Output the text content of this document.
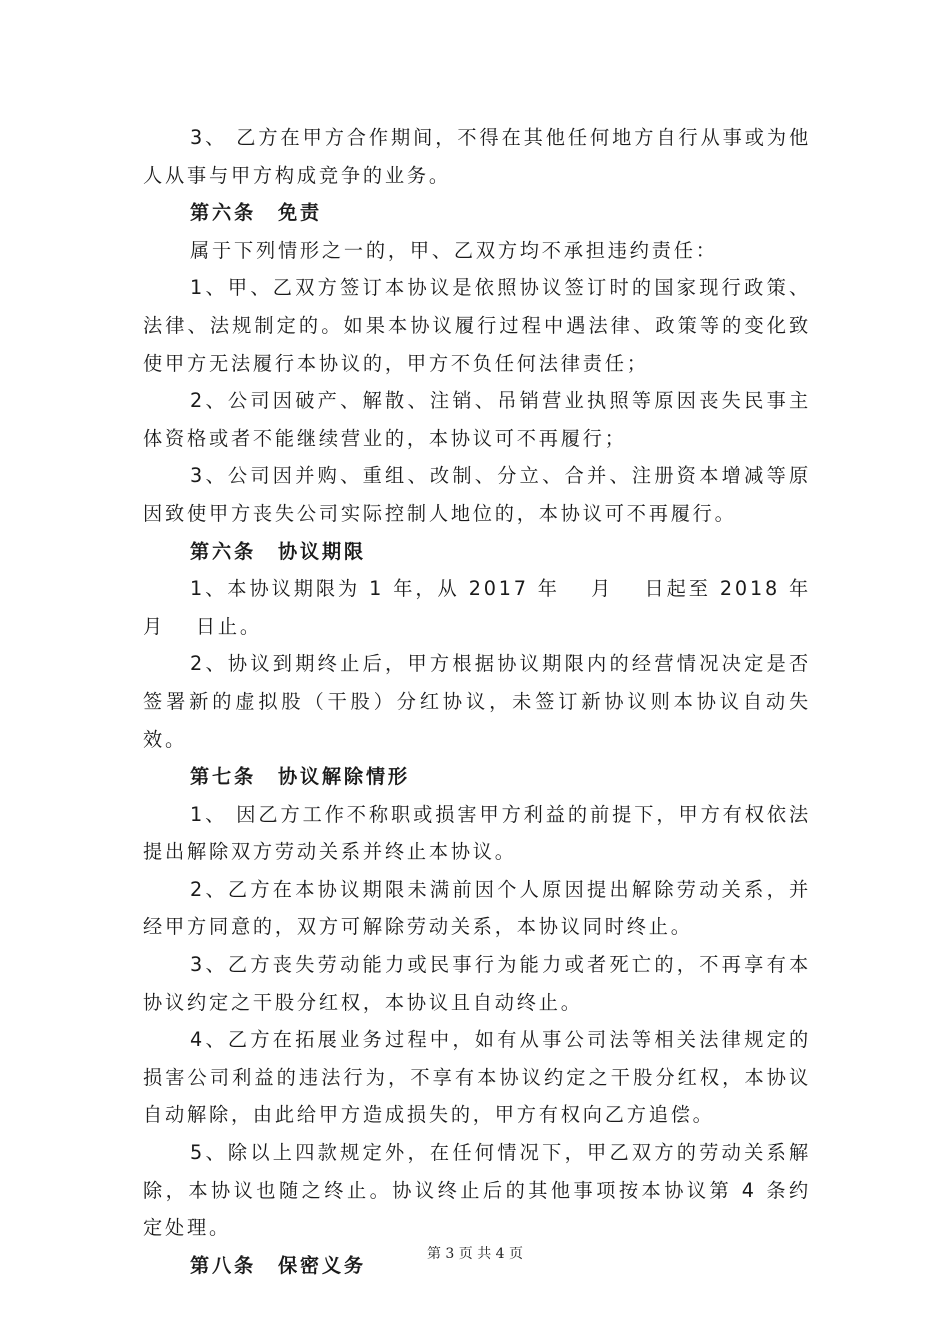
3、 乙方在甲方合作期间，不得在其他任何地方自行从事或为他人从事与甲方构成竞争的业务。

第六条　免责

属于下列情形之一的，甲、乙双方均不承担违约责任：

1、甲、乙双方签订本协议是依照协议签订时的国家现行政策、法律、法规制定的。如果本协议履行过程中遇法律、政策等的变化致使甲方无法履行本协议的，甲方不负任何法律责任；

2、公司因破产、解散、注销、吊销营业执照等原因丧失民事主体资格或者不能继续营业的，本协议可不再履行；

3、公司因并购、重组、改制、分立、合并、注册资本增减等原因致使甲方丧失公司实际控制人地位的，本协议可不再履行。

第六条　协议期限

1、本协议期限为 1 年，从 2017 年　 月　 日起至 2018 年　 月　 日止。

2、协议到期终止后，甲方根据协议期限内的经营情况决定是否签署新的虚拟股（干股）分红协议，未签订新协议则本协议自动失效。

第七条　协议解除情形

1、 因乙方工作不称职或损害甲方利益的前提下，甲方有权依法提出解除双方劳动关系并终止本协议。

2、乙方在本协议期限未满前因个人原因提出解除劳动关系，并经甲方同意的，双方可解除劳动关系，本协议同时终止。

3、乙方丧失劳动能力或民事行为能力或者死亡的，不再享有本协议约定之干股分红权，本协议且自动终止。

4、乙方在拓展业务过程中，如有从事公司法等相关法律规定的损害公司利益的违法行为，不享有本协议约定之干股分红权，本协议自动解除，由此给甲方造成损失的，甲方有权向乙方追偿。

5、除以上四款规定外，在任何情况下，甲乙双方的劳动关系解除，本协议也随之终止。协议终止后的其他事项按本协议第 4 条约定处理。

第八条　保密义务	第 3 页 共 4 页
